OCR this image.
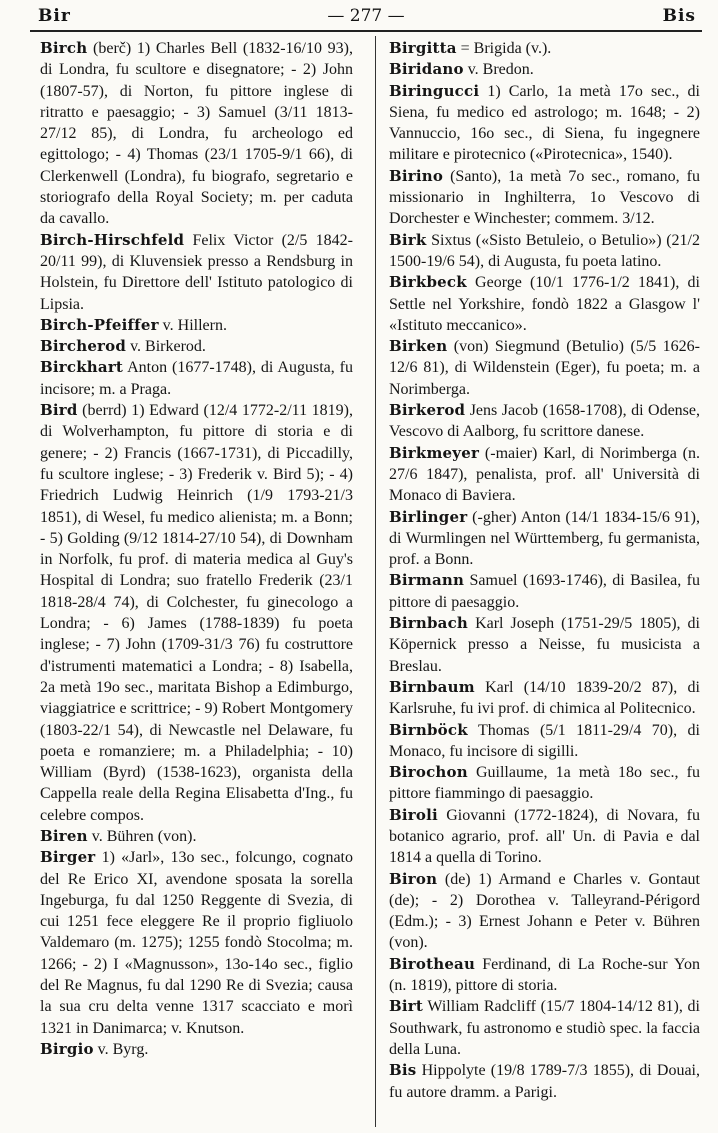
— 277 —
Bir	Bis

Birch (berč) 1) Charles Bell (1832-16/10 93), di Londra, fu scultore e disegnatore; - 2) John (1807-57), di Norton, fu pittore inglese di ritratto e paesaggio; - 3) Samuel (3/11 1813-27/12 85), di Londra, fu archeologo ed egittologo; - 4) Thomas (23/1 1705-9/1 66), di Clerkenwell (Londra), fu biografo, segretario e storiografo della Royal Society; m. per caduta da cavallo.

Birch-Hirschfeld Felix Victor (2/5 1842-20/11 99), di Kluvensiek presso a Rendsburg in Holstein, fu Direttore dell' Istituto patologico di Lipsia.

Birch-Pfeiffer v. Hillern.

Bircherod v. Birkerod.

Birckhart Anton (1677-1748), di Augusta, fu incisore; m. a Praga.

Bird (berrd) 1) Edward (12/4 1772-2/11 1819), di Wolverhampton, fu pittore di storia e di genere; - 2) Francis (1667-1731), di Piccadilly, fu scultore inglese; - 3) Frederik v. Bird 5); - 4) Friedrich Ludwig Heinrich (1/9 1793-21/3 1851), di Wesel, fu medico alienista; m. a Bonn; - 5) Golding (9/12 1814-27/10 54), di Downham in Norfolk, fu prof. di materia medica al Guy's Hospital di Londra; suo fratello Frederik (23/1 1818-28/4 74), di Colchester, fu ginecologo a Londra; - 6) James (1788-1839) fu poeta inglese; - 7) John (1709-31/3 76) fu costruttore d'istrumenti matematici a Londra; - 8) Isabella, 2a metà 19o sec., maritata Bishop a Edimburgo, viaggiatrice e scrittrice; - 9) Robert Montgomery (1803-22/1 54), di Newcastle nel Delaware, fu poeta e romanziere; m. a Philadelphia; - 10) William (Byrd) (1538-1623), organista della Cappella reale della Regina Elisabetta d'Ing., fu celebre compos.

Biren v. Bühren (von).

Birger 1) «Jarl», 13o sec., folcungo, cognato del Re Erico XI, avendone sposata la sorella Ingeburga, fu dal 1250 Reggente di Svezia, di cui 1251 fece eleggere Re il proprio figliuolo Valdemaro (m. 1275); 1255 fondò Stocolma; m. 1266; - 2) I «Magnusson», 13o-14o sec., figlio del Re Magnus, fu dal 1290 Re di Svezia; causa la sua cru delta venne 1317 scacciato e morì 1321 in Danimarca; v. Knutson.

Birgio v. Byrg.

Birgitta = Brigida (v.).

Biridano v. Bredon.

Biringucci 1) Carlo, 1a metà 17o sec., di Siena, fu medico ed astrologo; m. 1648; - 2) Vannuccio, 16o sec., di Siena, fu ingegnere militare e pirotecnico («Pirotecnica», 1540).

Birino (Santo), 1a metà 7o sec., romano, fu missionario in Inghilterra, 1o Vescovo di Dorchester e Winchester; commem. 3/12.

Birk Sixtus («Sisto Betuleio, o Betulio») (21/2 1500-19/6 54), di Augusta, fu poeta latino.

Birkbeck George (10/1 1776-1/2 1841), di Settle nel Yorkshire, fondò 1822 a Glasgow l' «Istituto meccanico».

Birken (von) Siegmund (Betulio) (5/5 1626-12/6 81), di Wildenstein (Eger), fu poeta; m. a Norimberga.

Birkerod Jens Jacob (1658-1708), di Odense, Vescovo di Aalborg, fu scrittore danese.

Birkmeyer (-maier) Karl, di Norimberga (n. 27/6 1847), penalista, prof. all' Università di Monaco di Baviera.

Birlinger (-gher) Anton (14/1 1834-15/6 91), di Wurmlingen nel Württemberg, fu germanista, prof. a Bonn.

Birmann Samuel (1693-1746), di Basilea, fu pittore di paesaggio.

Birnbach Karl Joseph (1751-29/5 1805), di Köpernick presso a Neisse, fu musicista a Breslau.

Birnbaum Karl (14/10 1839-20/2 87), di Karlsruhe, fu ivi prof. di chimica al Politecnico.

Birnböck Thomas (5/1 1811-29/4 70), di Monaco, fu incisore di sigilli.

Birochon Guillaume, 1a metà 18o sec., fu pittore fiammingo di paesaggio.

Biroli Giovanni (1772-1824), di Novara, fu botanico agrario, prof. all' Un. di Pavia e dal 1814 a quella di Torino.

Biron (de) 1) Armand e Charles v. Gontaut (de); - 2) Dorothea v. Talleyrand-Périgord (Edm.); - 3) Ernest Johann e Peter v. Bühren (von).

Birotheau Ferdinand, di La Roche-sur Yon (n. 1819), pittore di storia.

Birt William Radcliff (15/7 1804-14/12 81), di Southwark, fu astronomo e studiò spec. la faccia della Luna.

Bis Hippolyte (19/8 1789-7/3 1855), di Douai, fu autore dramm. a Parigi.
